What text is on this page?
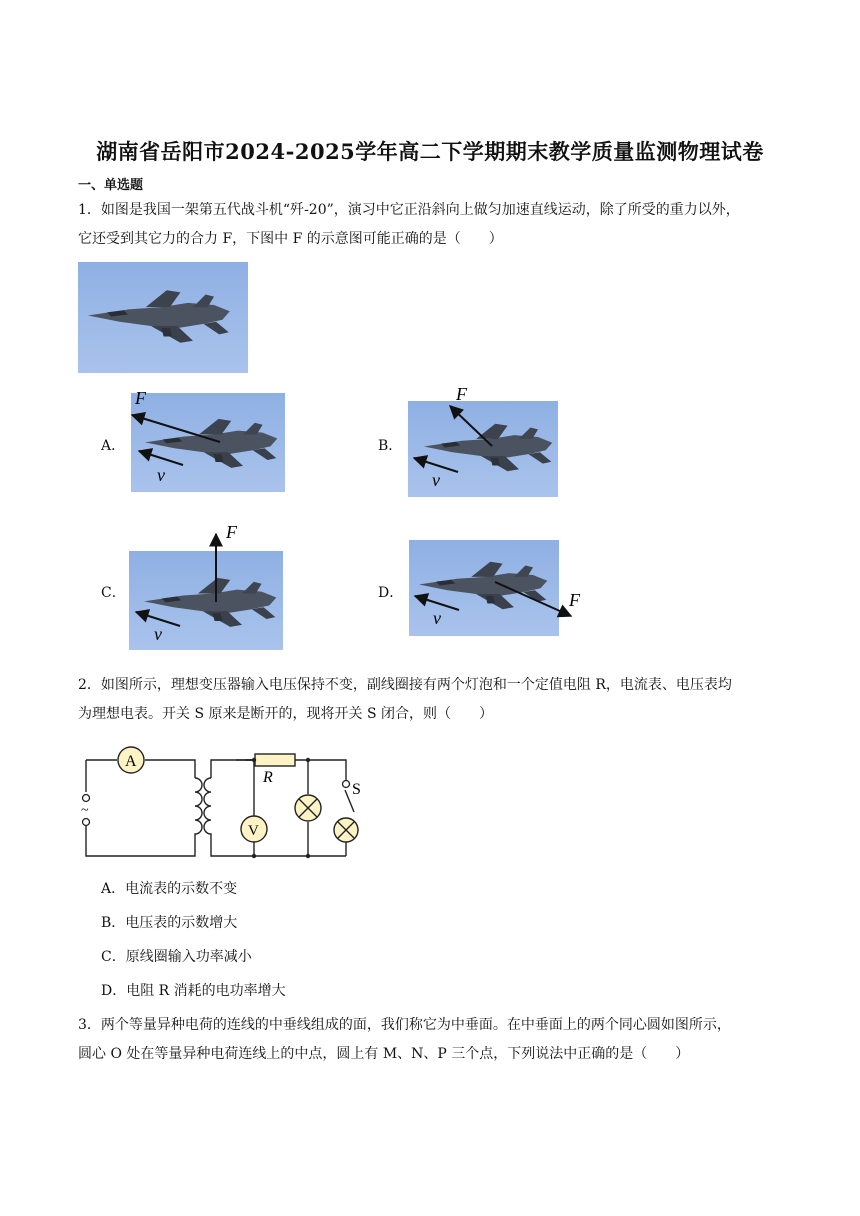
湖南省岳阳市2024-2025学年高二下学期期末教学质量监测物理试卷
一、单选题
1．如图是我国一架第五代战斗机“歼-20”，演习中它正沿斜向上做匀加速直线运动，除了所受的重力以外，
它还受到其它力的合力 F，下图中 F 的示意图可能正确的是（　　）
A．
F
v
B．
F
v
C．
F
v
D．	F
v
2．如图所示，理想变压器输入电压保持不变，副线圈接有两个灯泡和一个定值电阻 R，电流表、电压表均
为理想电表。开关 S 原来是断开的，现将开关 S 闭合，则（　　）
~
A
V
R
S
A．电流表的示数不变
B．电压表的示数增大
C．原线圈输入功率减小
D．电阻 R 消耗的电功率增大
3．两个等量异种电荷的连线的中垂线组成的面，我们称它为中垂面。在中垂面上的两个同心圆如图所示，
圆心 O 处在等量异种电荷连线上的中点，圆上有 M、N、P 三个点，下列说法中正确的是（　　）
